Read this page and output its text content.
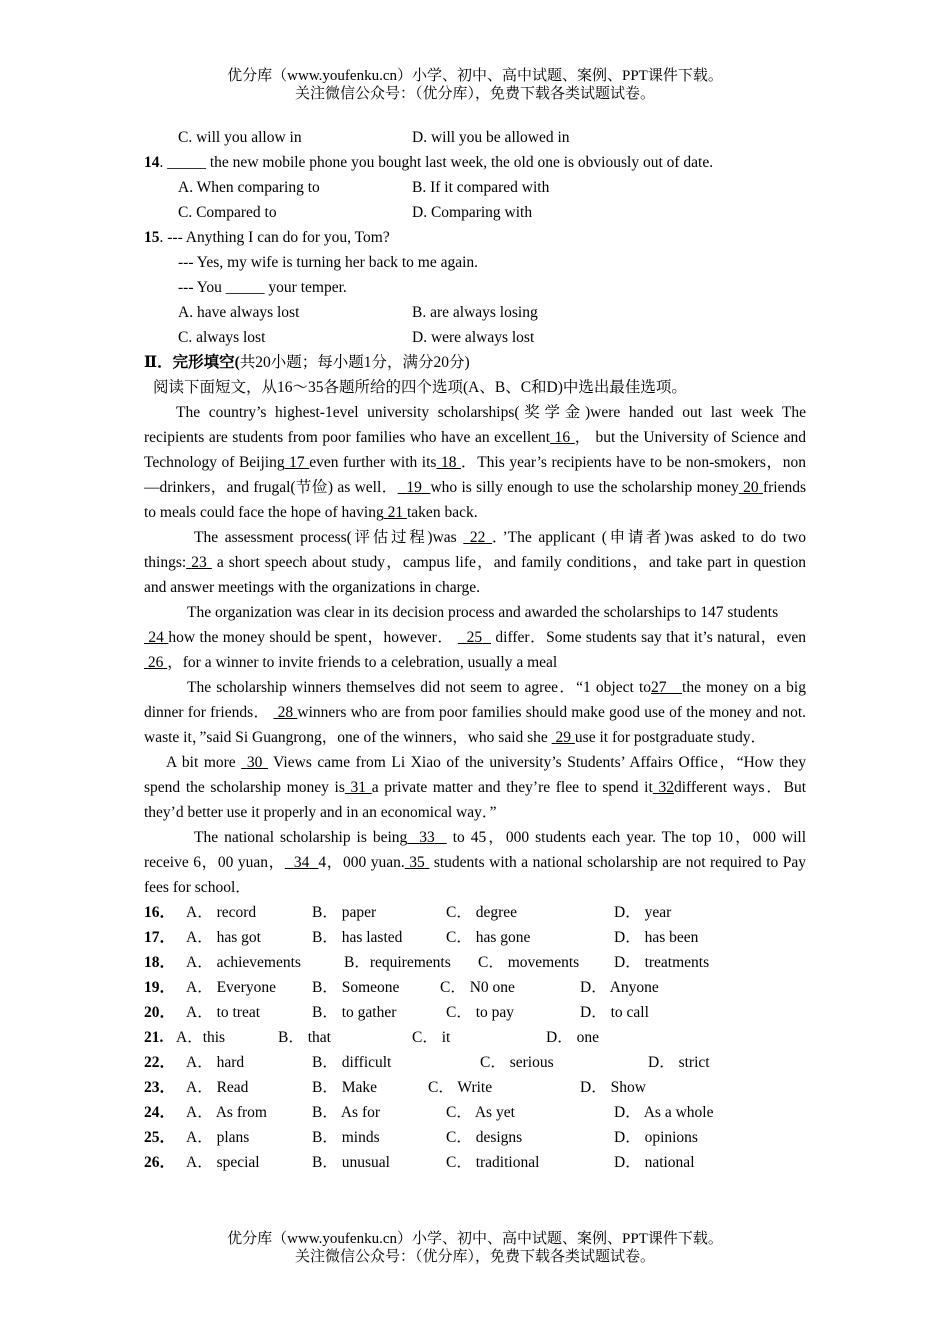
优分库（www.youfenku.cn）小学、初中、高中试题、案例、PPT课件下载。
关注微信公众号：（优分库），免费下载各类试题试卷。
C. will you allow in	D. will you be allowed in
14. _____ the new mobile phone you bought last week, the old one is obviously out of date.
A. When comparing to	B. If it compared with
C. Compared to	D. Comparing with
15. --- Anything I can do for you, Tom?
--- Yes, my wife is turning her back to me again.
--- You _____ your temper.
A. have always lost	B. are always losing
C. always lost	D. were always lost
Ⅱ．完形填空(共20小题；每小题1分，满分20分)
阅读下面短文，从16～35各题所给的四个选项(A、B、C和D)中选出最佳选项。
The country’s highest-1evel university scholarships(奖学金)were handed out last week The recipients are students from poor families who have an excellent 16 ， but the University of Science and Technology of Beijing 17 even further with its 18 ．This year’s recipients have to be non-smokers，non—drinkers，and frugal(节俭) as well． 19 who is silly enough to use the scholarship money 20 friends to meals could face the hope of having 21 taken back.
The assessment process(评估过程)was 22 ．’The applicant (申请者)was asked to do two things: 23 a short speech about study，campus life，and family conditions，and take part in question and answer meetings with the organizations in charge.
The organization was clear in its decision process and awarded the scholarships to 147 students
24 how the money should be spent，however． 25 differ．Some students say that it’s natural，even  26 ，for a winner to invite friends to a celebration, usually a meal
The scholarship winners themselves did not seem to agree．“1 object to27 the money on a big dinner for friends． 28 winners who are from poor families should make good use of the money and not. waste it，”said Si Guangrong，one of the winners，who said she 29 use it for postgraduate study．
A bit more 30 Views came from Li Xiao of the university’s Students’ Affairs Office，“How they spend the scholarship money is 31 a private matter and they’re flee to spend it 32different ways．But they’d better use it properly and in an economical way．”
The national scholarship is being 33 to 45，000 students each year. The top 10，000 will receive 6，00 yuan， 34 4，000 yuan. 35 students with a national scholarship are not required to Pay fees for school．
16． A． record	B． paper	C． degree	D． year
17． A． has got	B． has lasted	C． has gone	D． has been
18． A． achievements	B．requirements	C． movements	D． treatments
19． A． Everyone	B． Someone	C． N0 one	D． Anyone
20． A． to treat	B． to gather	C． to pay	D． to call
21. A．this	B． that	C． it	D． one
22． A． hard	B． difficult	C． serious	D． strict
23． A． Read	B． Make	C． Write	D． Show
24． A． As from	B． As for	C． As yet	D． As a whole
25． A． plans	B． minds	C． designs	D． opinions
26． A． special	B． unusual	C． traditional	D． national
优分库（www.youfenku.cn）小学、初中、高中试题、案例、PPT课件下载。
关注微信公众号：（优分库），免费下载各类试题试卷。
